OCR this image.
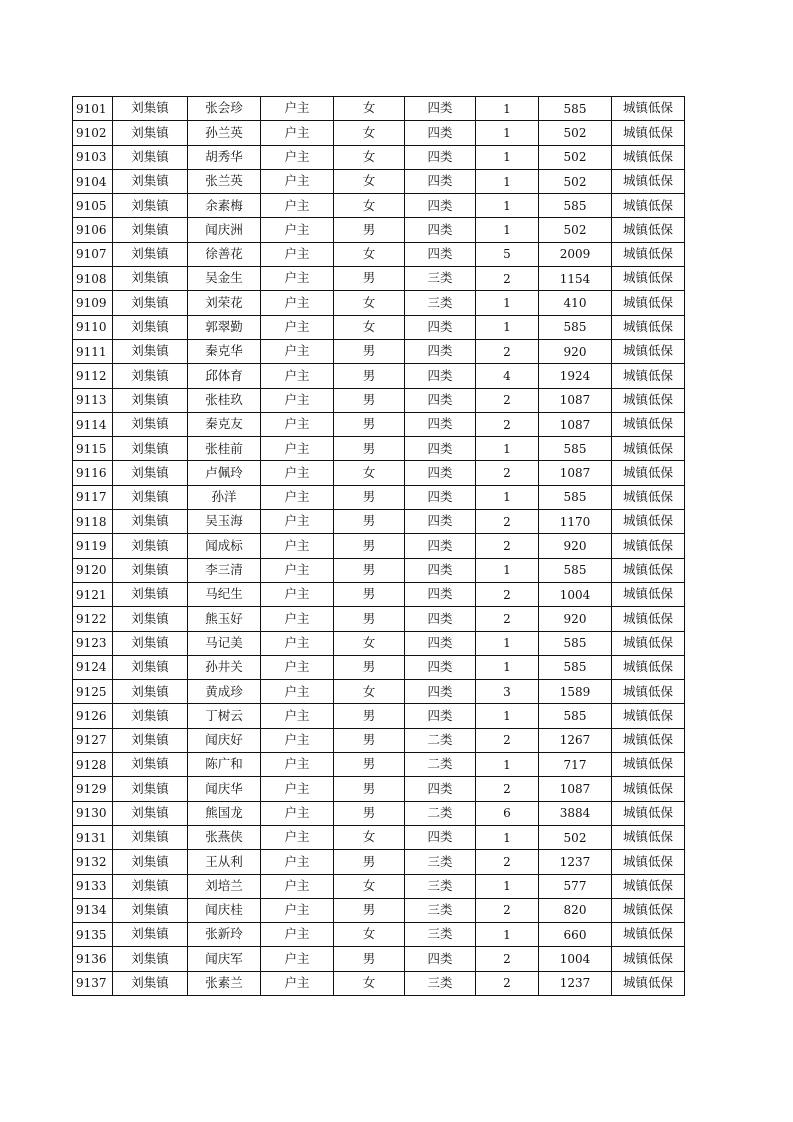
9101	刘集镇	张会珍	户主	女	四类	1	585	城镇低保
9102	刘集镇	孙兰英	户主	女	四类	1	502	城镇低保
9103	刘集镇	胡秀华	户主	女	四类	1	502	城镇低保
9104	刘集镇	张兰英	户主	女	四类	1	502	城镇低保
9105	刘集镇	余素梅	户主	女	四类	1	585	城镇低保
9106	刘集镇	闻庆洲	户主	男	四类	1	502	城镇低保
9107	刘集镇	徐善花	户主	女	四类	5	2009	城镇低保
9108	刘集镇	吴金生	户主	男	三类	2	1154	城镇低保
9109	刘集镇	刘荣花	户主	女	三类	1	410	城镇低保
9110	刘集镇	郭翠勤	户主	女	四类	1	585	城镇低保
9111	刘集镇	秦克华	户主	男	四类	2	920	城镇低保
9112	刘集镇	邱体育	户主	男	四类	4	1924	城镇低保
9113	刘集镇	张桂玖	户主	男	四类	2	1087	城镇低保
9114	刘集镇	秦克友	户主	男	四类	2	1087	城镇低保
9115	刘集镇	张桂前	户主	男	四类	1	585	城镇低保
9116	刘集镇	卢佩玲	户主	女	四类	2	1087	城镇低保
9117	刘集镇	孙洋	户主	男	四类	1	585	城镇低保
9118	刘集镇	吴玉海	户主	男	四类	2	1170	城镇低保
9119	刘集镇	闻成标	户主	男	四类	2	920	城镇低保
9120	刘集镇	李三清	户主	男	四类	1	585	城镇低保
9121	刘集镇	马纪生	户主	男	四类	2	1004	城镇低保
9122	刘集镇	熊玉好	户主	男	四类	2	920	城镇低保
9123	刘集镇	马记美	户主	女	四类	1	585	城镇低保
9124	刘集镇	孙井关	户主	男	四类	1	585	城镇低保
9125	刘集镇	黄成珍	户主	女	四类	3	1589	城镇低保
9126	刘集镇	丁树云	户主	男	四类	1	585	城镇低保
9127	刘集镇	闻庆好	户主	男	二类	2	1267	城镇低保
9128	刘集镇	陈广和	户主	男	二类	1	717	城镇低保
9129	刘集镇	闻庆华	户主	男	四类	2	1087	城镇低保
9130	刘集镇	熊国龙	户主	男	二类	6	3884	城镇低保
9131	刘集镇	张燕侠	户主	女	四类	1	502	城镇低保
9132	刘集镇	王从利	户主	男	三类	2	1237	城镇低保
9133	刘集镇	刘培兰	户主	女	三类	1	577	城镇低保
9134	刘集镇	闻庆桂	户主	男	三类	2	820	城镇低保
9135	刘集镇	张新玲	户主	女	三类	1	660	城镇低保
9136	刘集镇	闻庆军	户主	男	四类	2	1004	城镇低保
9137	刘集镇	张素兰	户主	女	三类	2	1237	城镇低保
